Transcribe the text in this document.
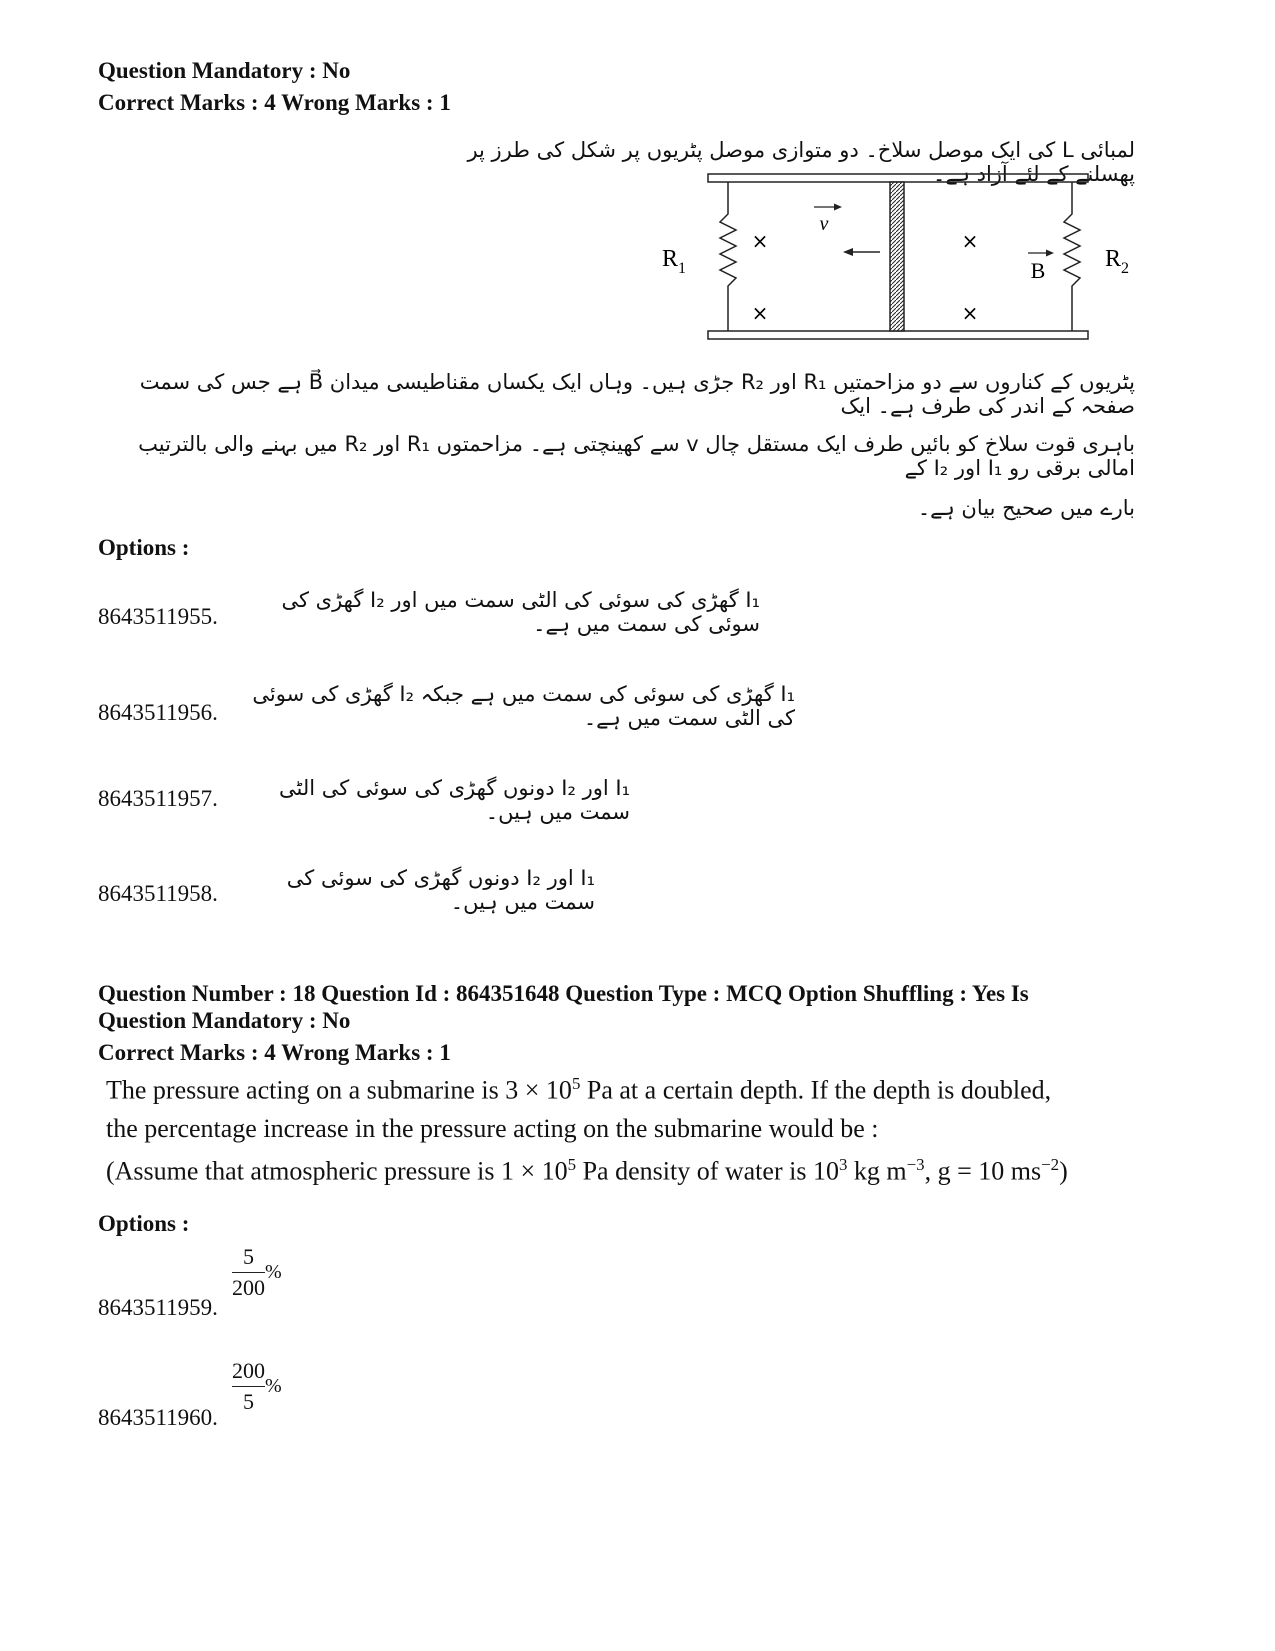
Question Mandatory : No
Correct Marks : 4 Wrong Marks : 1
لمبائی L کی ایک موصل سلاخ۔ دو متوازی موصل پٹریوں پر شکل کی طرز پر پھسلنے کے لئے آزاد ہے۔
v
×
×
×
×
B
$R_1$	$R_2$
پٹریوں کے کناروں سے دو مزاحمتیں R₁ اور R₂ جڑی ہیں۔ وہاں ایک یکساں مقناطیسی میدان B⃗ ہے جس کی سمت صفحہ کے اندر کی طرف ہے۔ ایک
باہری قوت سلاخ کو بائیں طرف ایک مستقل چال v سے کھینچتی ہے۔ مزاحمتوں R₁ اور R₂ میں بہنے والی بالترتیب امالی برقی رو I₁ اور I₂ کے
بارے میں صحیح بیان ہے۔
Options :
8643511955.
I₁ گھڑی کی سوئی کی الٹی سمت میں اور I₂ گھڑی کی سوئی کی سمت میں ہے۔
8643511956.
I₁ گھڑی کی سوئی کی سمت میں ہے جبکہ I₂ گھڑی کی سوئی کی الٹی سمت میں ہے۔
8643511957.	I₁ اور I₂ دونوں گھڑی کی سوئی کی الٹی سمت میں ہیں۔
8643511958.
I₁ اور I₂ دونوں گھڑی کی سوئی کی سمت میں ہیں۔
Question Number : 18 Question Id : 864351648 Question Type : MCQ Option Shuffling : Yes Is
Question Mandatory : No
Correct Marks : 4 Wrong Marks : 1
The pressure acting on a submarine is $3 \times 10^5$ Pa at a certain depth. If the depth is doubled,
the percentage increase in the pressure acting on the submarine would be :
(Assume that atmospheric pressure is $1 \times 10^5$ Pa density of water is $10^3$ kg $m^{-3}$, g = 10 $ms^{-2}$)
Options :
8643511959.
$\frac{5}{200}$ %
8643511960.
$\frac{200}{5}$ %
